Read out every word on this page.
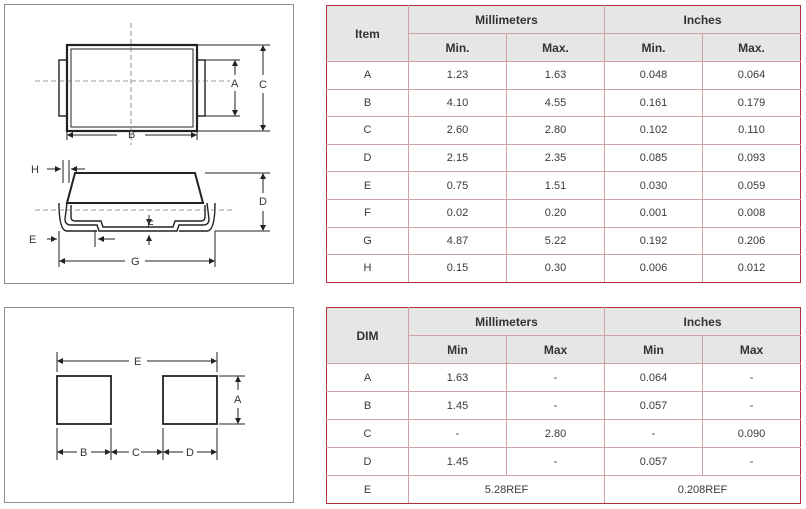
A C
B
H
D
E
F
G
E
A
B	C	D
Item	Millimeters		Inches	
	Min.	Max.	Min.	Max.
A	1.23	1.63	0.048	0.064
B	4.10	4.55	0.161	0.179
C	2.60	2.80	0.102	0.110
D	2.15	2.35	0.085	0.093
E	0.75	1.51	0.030	0.059
F	0.02	0.20	0.001	0.008
G	4.87	5.22	0.192	0.206
H	0.15	0.30	0.006	0.012
DIM	Millimeters		Inches	
	Min	Max	Min	Max
A	1.63	-	0.064	-
B	1.45	-	0.057	-
C	-	2.80	-	0.090
D	1.45	-	0.057	-
E	5.28REF		0.208REF	
